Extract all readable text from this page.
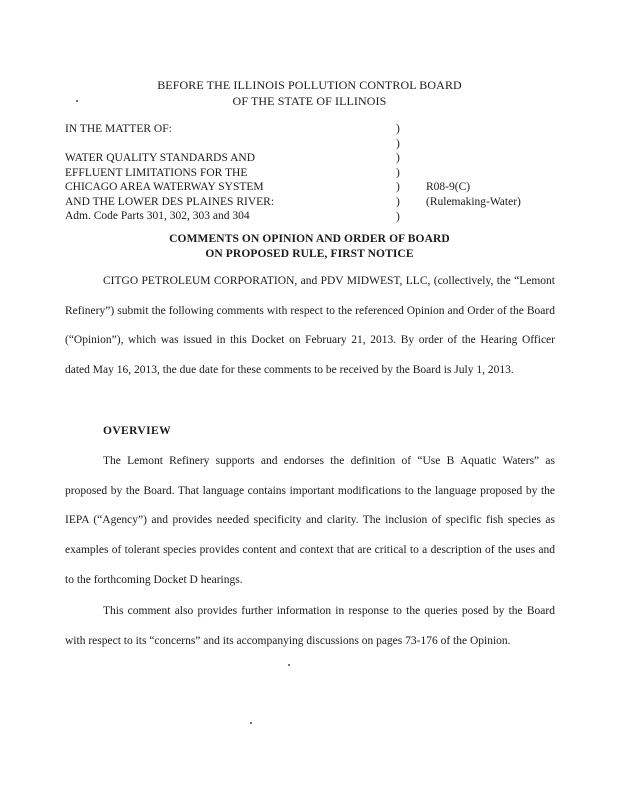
BEFORE THE ILLINOIS POLLUTION CONTROL BOARD
OF THE STATE OF ILLINOIS
IN THE MATTER OF:
WATER QUALITY STANDARDS AND
EFFLUENT LIMITATIONS FOR THE
CHICAGO AREA WATERWAY SYSTEM
AND THE LOWER DES PLAINES RIVER:
Adm. Code Parts 301, 302, 303 and 304
)
)
)
)
)
)
)
R08-9(C)
(Rulemaking-Water)
COMMENTS ON OPINION AND ORDER OF BOARD
ON PROPOSED RULE, FIRST NOTICE

CITGO PETROLEUM CORPORATION, and PDV MIDWEST, LLC, (collectively, the “Lemont Refinery”) submit the following comments with respect to the referenced Opinion and Order of the Board (“Opinion”), which was issued in this Docket on February 21, 2013. By order of the Hearing Officer dated May 16, 2013, the due date for these comments to be received by the Board is July 1, 2013.

OVERVIEW

The Lemont Refinery supports and endorses the definition of “Use B Aquatic Waters” as proposed by the Board. That language contains important modifications to the language proposed by the IEPA (“Agency”) and provides needed specificity and clarity. The inclusion of specific fish species as examples of tolerant species provides content and context that are critical to a description of the uses and to the forthcoming Docket D hearings.

This comment also provides further information in response to the queries posed by the Board with respect to its “concerns” and its accompanying discussions on pages 73-176 of the Opinion.
